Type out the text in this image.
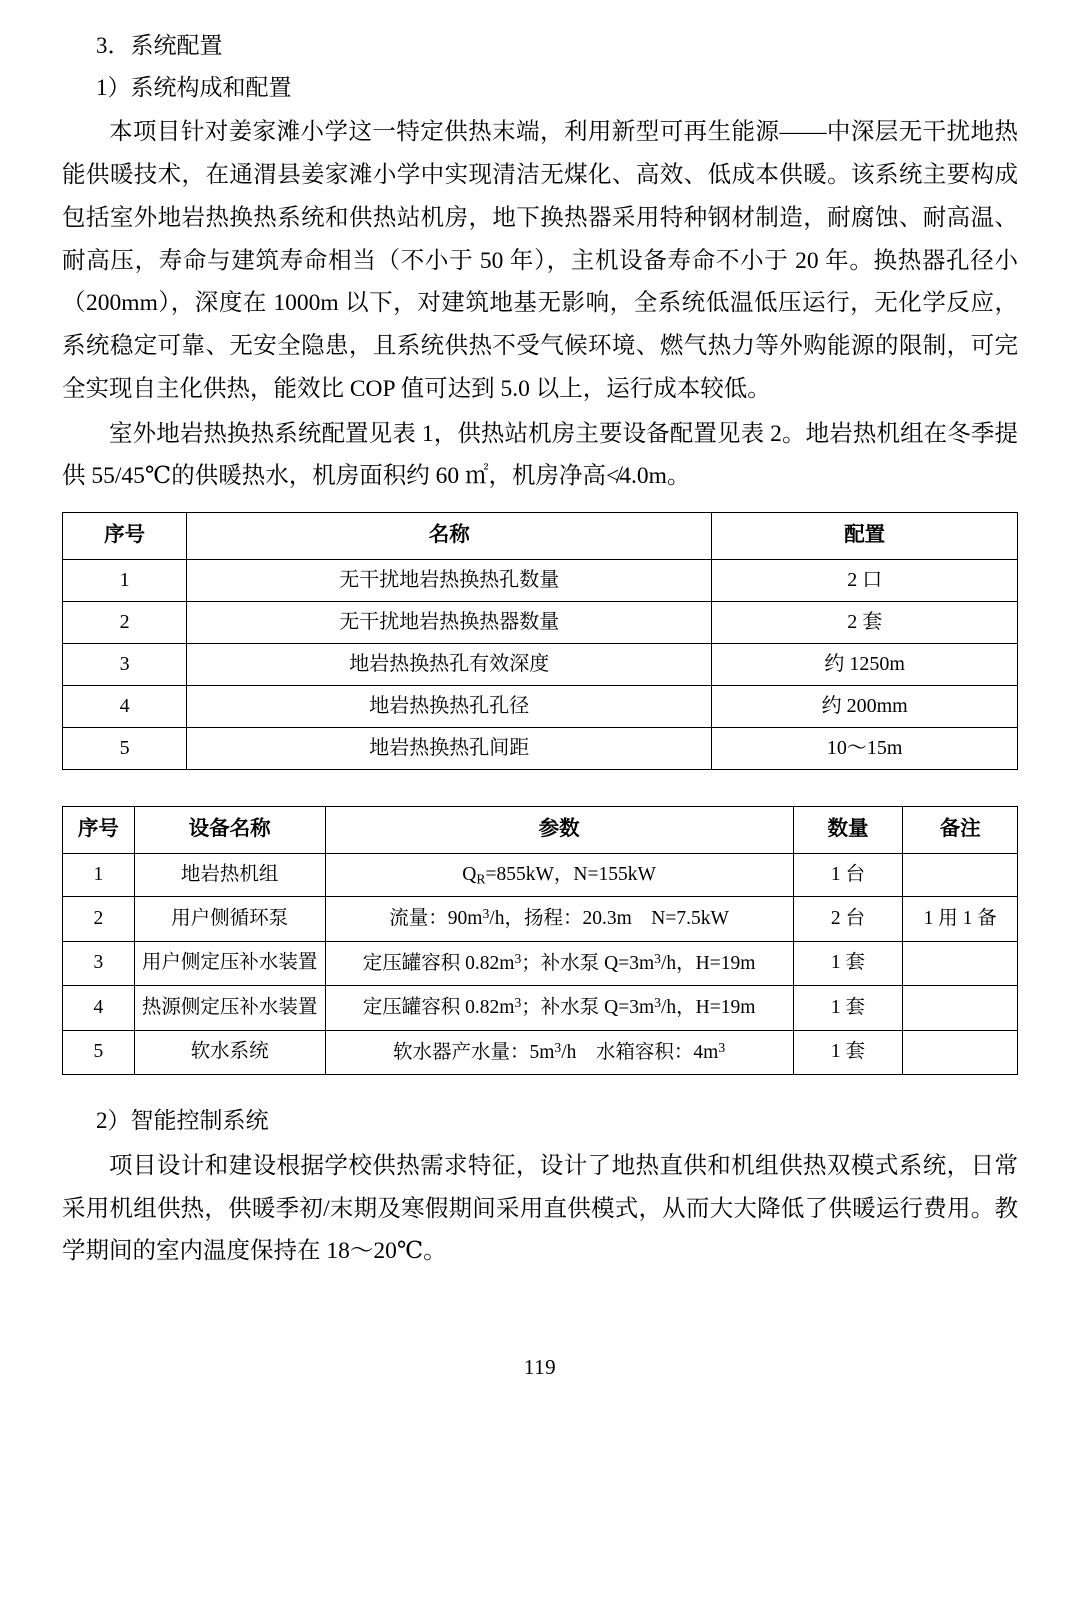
3．系统配置

1）系统构成和配置

本项目针对姜家滩小学这一特定供热末端，利用新型可再生能源——中深层无干扰地热能供暖技术，在通渭县姜家滩小学中实现清洁无煤化、高效、低成本供暖。该系统主要构成包括室外地岩热换热系统和供热站机房，地下换热器采用特种钢材制造，耐腐蚀、耐高温、耐高压，寿命与建筑寿命相当（不小于 50 年），主机设备寿命不小于 20 年。换热器孔径小（200mm），深度在 1000m 以下，对建筑地基无影响，全系统低温低压运行，无化学反应，系统稳定可靠、无安全隐患，且系统供热不受气候环境、燃气热力等外购能源的限制，可完全实现自主化供热，能效比 COP 值可达到 5.0 以上，运行成本较低。

室外地岩热换热系统配置见表 1，供热站机房主要设备配置见表 2。地岩热机组在冬季提供 55/45℃的供暖热水，机房面积约 60 ㎡，机房净高≮4.0m。

序号	名称	配置
1	无干扰地岩热换热孔数量	2 口
2	无干扰地岩热换热器数量	2 套
3	地岩热换热孔有效深度	约 1250m
4	地岩热换热孔孔径	约 200mm
5	地岩热换热孔间距	10～15m
序号	设备名称	参数	数量	备注
1	地岩热机组	$Q_R=855kW$，N=155kW	1 台	
2	用户侧循环泵	流量：$90m^3/h$，扬程：20.3m　N=7.5kW	2 台	1 用 1 备
3	用户侧定压补水装置	定压罐容积 $0.82m^3$；补水泵 $Q=3m^3/h$，H=19m	1 套	
4	热源侧定压补水装置	定压罐容积 $0.82m^3$；补水泵 $Q=3m^3/h$，H=19m	1 套	
5	软水系统	软水器产水量：$5m^3/h$　水箱容积：$4m^3$	1 套	

2）智能控制系统

项目设计和建设根据学校供热需求特征，设计了地热直供和机组供热双模式系统，日常采用机组供热，供暖季初/末期及寒假期间采用直供模式，从而大大降低了供暖运行费用。教学期间的室内温度保持在 18～20℃。

119
